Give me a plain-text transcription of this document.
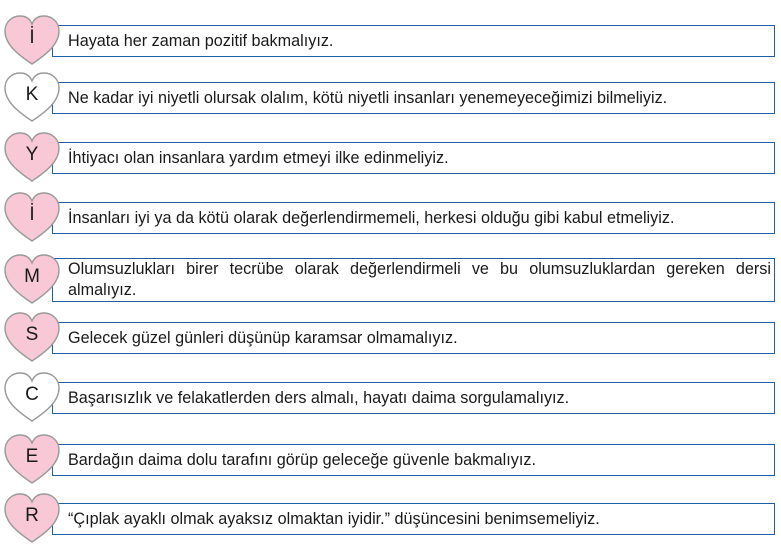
Hayata her zaman pozitif bakmalıyız.
İ
Ne kadar iyi niyetli olursak olalım, kötü niyetli insanları yenemeyeceğimizi bilmeliyiz.
K
İhtiyacı olan insanlara yardım etmeyi ilke edinmeliyiz.
Y
İnsanları iyi ya da kötü olarak değerlendirmemeli, herkesi olduğu gibi kabul etmeliyiz.
İ
Olumsuzlukları birer tecrübe olarak değerlendirmeli ve bu olumsuzluklardan gereken dersi almalıyız.
M
Gelecek güzel günleri düşünüp karamsar olmamalıyız.
S
Başarısızlık ve felakatlerden ders almalı, hayatı daima sorgulamalıyız.
C
Bardağın daima dolu tarafını görüp geleceğe güvenle bakmalıyız.
E
“Çıplak ayaklı olmak ayaksız olmaktan iyidir.” düşüncesini benimsemeliyiz.
R
